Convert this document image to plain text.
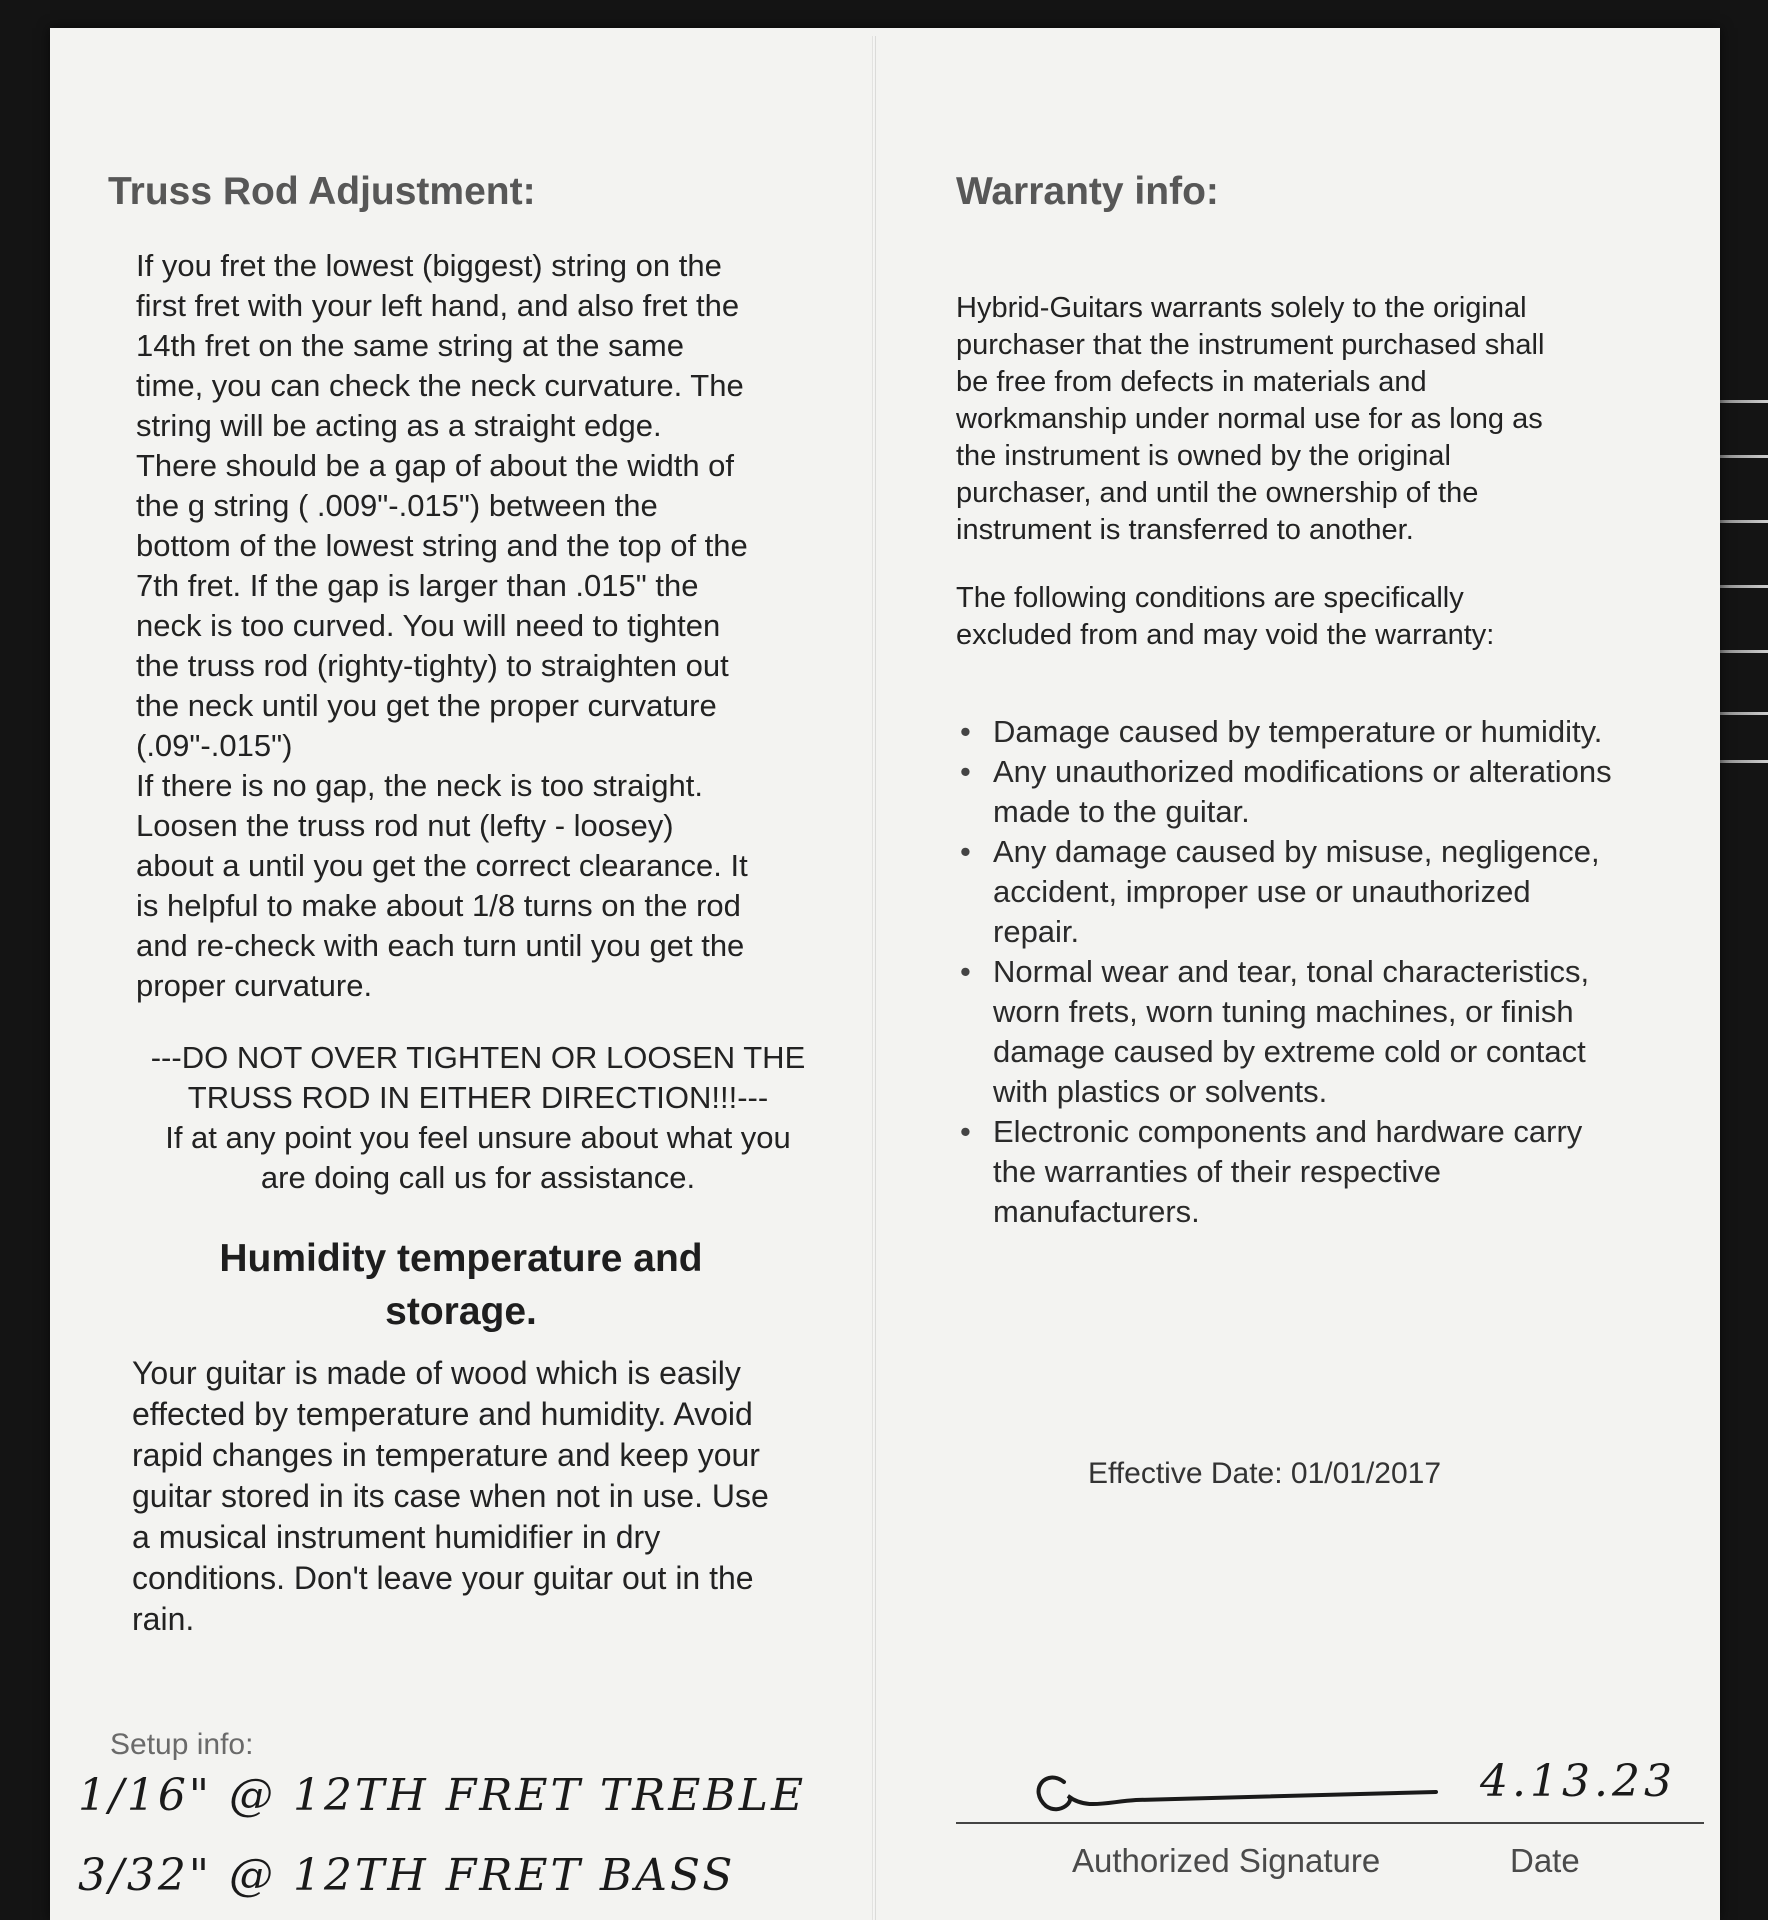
Truss Rod Adjustment:

If you fret the lowest (biggest) string on the
first fret with your left hand, and also fret the
14th fret on the same string at the same
time, you can check the neck curvature. The
string will be acting as a straight edge.
There should be a gap of about the width of
the g string ( .009"-.015") between the
bottom of the lowest string and the top of the
7th fret. If the gap is larger than .015" the
neck is too curved. You will need to tighten
the truss rod (righty-tighty) to straighten out
the neck until you get the proper curvature
(.09"-.015")
If there is no gap, the neck is too straight.
Loosen the truss rod nut (lefty - loosey)
about a until you get the correct clearance. It
is helpful to make about 1/8 turns on the rod
and re-check with each turn until you get the
proper curvature.

---DO NOT OVER TIGHTEN OR LOOSEN THE
TRUSS ROD IN EITHER DIRECTION!!!---
If at any point you feel unsure about what you
are doing call us for assistance.

Humidity temperature and
storage.

Your guitar is made of wood which is easily
effected by temperature and humidity. Avoid
rapid changes in temperature and keep your
guitar stored in its case when not in use. Use
a musical instrument humidifier in dry
conditions. Don't leave your guitar out in the
rain.

Setup info:
1/16" @ 12TH FRET TREBLE
3/32" @ 12TH FRET BASS
Warranty info:

Hybrid-Guitars warrants solely to the original
purchaser that the instrument purchased shall
be free from defects in materials and
workmanship under normal use for as long as
the instrument is owned by the original
purchaser, and until the ownership of the
instrument is transferred to another.

The following conditions are specifically
excluded from and may void the warranty:

• Damage caused by temperature or humidity.
• Any unauthorized modifications or alterations made to the guitar.
• Any damage caused by misuse, negligence, accident, improper use or unauthorized repair.
• Normal wear and tear, tonal characteristics, worn frets, worn tuning machines, or finish damage caused by extreme cold or contact with plastics or solvents.
• Electronic components and hardware carry the warranties of their respective manufacturers.
Effective Date: 01/01/2017
4.13.23
Authorized Signature	Date
